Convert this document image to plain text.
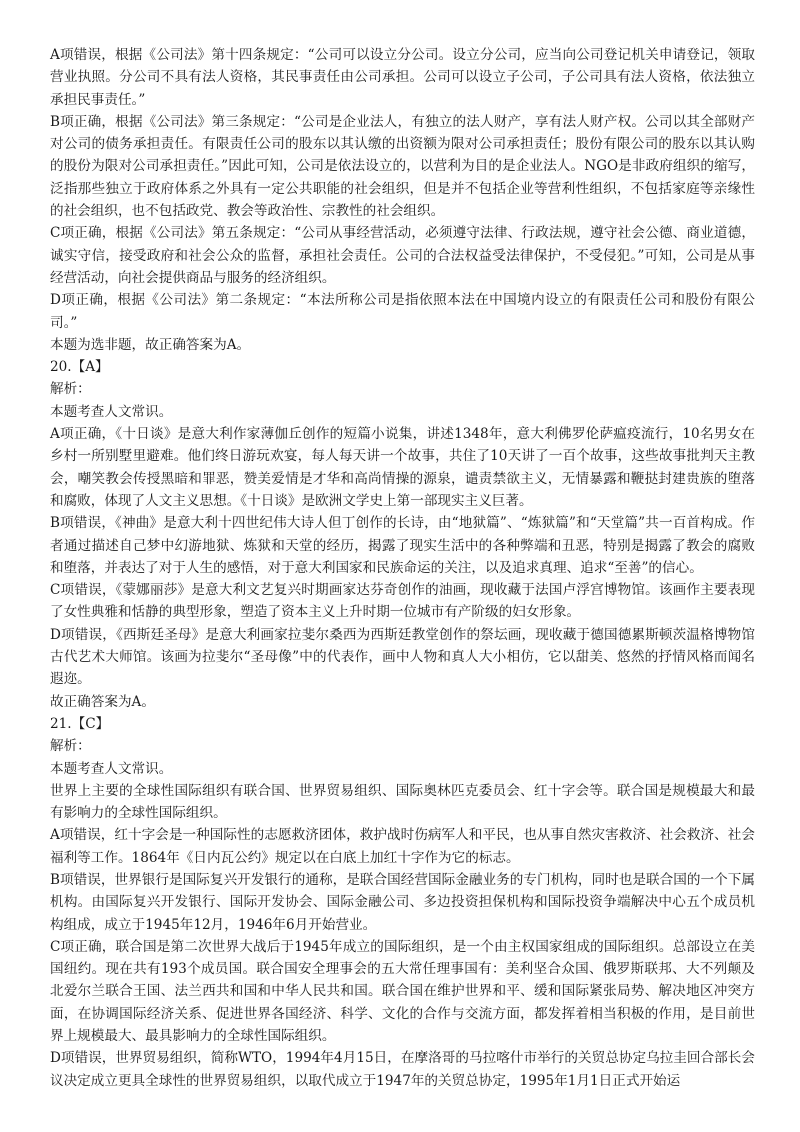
A项错误，根据《公司法》第十四条规定：“公司可以设立分公司。设立分公司，应当向公司登记机关申请登记，领取营业执照。分公司不具有法人资格，其民事责任由公司承担。公司可以设立子公司，子公司具有法人资格，依法独立承担民事责任。”

B项正确，根据《公司法》第三条规定：“公司是企业法人，有独立的法人财产，享有法人财产权。公司以其全部财产对公司的债务承担责任。有限责任公司的股东以其认缴的出资额为限对公司承担责任；股份有限公司的股东以其认购的股份为限对公司承担责任。”因此可知，公司是依法设立的，以营利为目的是企业法人。NGO是非政府组织的缩写，泛指那些独立于政府体系之外具有一定公共职能的社会组织，但是并不包括企业等营利性组织，不包括家庭等亲缘性的社会组织，也不包括政党、教会等政治性、宗教性的社会组织。

C项正确，根据《公司法》第五条规定：“公司从事经营活动，必须遵守法律、行政法规，遵守社会公德、商业道德，诚实守信，接受政府和社会公众的监督，承担社会责任。公司的合法权益受法律保护，不受侵犯。”可知，公司是从事经营活动，向社会提供商品与服务的经济组织。

D项正确，根据《公司法》第二条规定：“本法所称公司是指依照本法在中国境内设立的有限责任公司和股份有限公司。”

本题为选非题，故正确答案为A。

20.【A】

解析：

本题考查人文常识。

A项正确，《十日谈》是意大利作家薄伽丘创作的短篇小说集，讲述1348年，意大利佛罗伦萨瘟疫流行，10名男女在乡村一所别墅里避难。他们终日游玩欢宴，每人每天讲一个故事，共住了10天讲了一百个故事，这些故事批判天主教会，嘲笑教会传授黑暗和罪恶，赞美爱情是才华和高尚情操的源泉，谴责禁欲主义，无情暴露和鞭挞封建贵族的堕落和腐败，体现了人文主义思想。《十日谈》是欧洲文学史上第一部现实主义巨著。

B项错误，《神曲》是意大利十四世纪伟大诗人但丁创作的长诗，由“地狱篇”、“炼狱篇”和“天堂篇”共一百首构成。作者通过描述自己梦中幻游地狱、炼狱和天堂的经历，揭露了现实生活中的各种弊端和丑恶，特别是揭露了教会的腐败和堕落，并表达了对于人生的感悟，对于意大利国家和民族命运的关注，以及追求真理、追求“至善”的信心。

C项错误，《蒙娜丽莎》是意大利文艺复兴时期画家达芬奇创作的油画，现收藏于法国卢浮宫博物馆。该画作主要表现了女性典雅和恬静的典型形象，塑造了资本主义上升时期一位城市有产阶级的妇女形象。

D项错误，《西斯廷圣母》是意大利画家拉斐尔桑西为西斯廷教堂创作的祭坛画，现收藏于德国德累斯顿茨温格博物馆古代艺术大师馆。该画为拉斐尔“圣母像”中的代表作，画中人物和真人大小相仿，它以甜美、悠然的抒情风格而闻名遐迩。

故正确答案为A。

21.【C】

解析：

本题考查人文常识。

世界上主要的全球性国际组织有联合国、世界贸易组织、国际奥林匹克委员会、红十字会等。联合国是规模最大和最有影响力的全球性国际组织。

A项错误，红十字会是一种国际性的志愿救济团体，救护战时伤病军人和平民，也从事自然灾害救济、社会救济、社会福利等工作。1864年《日内瓦公约》规定以在白底上加红十字作为它的标志。

B项错误，世界银行是国际复兴开发银行的通称，是联合国经营国际金融业务的专门机构，同时也是联合国的一个下属机构。由国际复兴开发银行、国际开发协会、国际金融公司、多边投资担保机构和国际投资争端解决中心五个成员机构组成，成立于1945年12月，1946年6月开始营业。

C项正确，联合国是第二次世界大战后于1945年成立的国际组织，是一个由主权国家组成的国际组织。总部设立在美国纽约。现在共有193个成员国。联合国安全理事会的五大常任理事国有：美利坚合众国、俄罗斯联邦、大不列颠及北爱尔兰联合王国、法兰西共和国和中华人民共和国。联合国在维护世界和平、缓和国际紧张局势、解决地区冲突方面，在协调国际经济关系、促进世界各国经济、科学、文化的合作与交流方面，都发挥着相当积极的作用，是目前世界上规模最大、最具影响力的全球性国际组织。

D项错误，世界贸易组织，简称WTO，1994年4月15日，在摩洛哥的马拉喀什市举行的关贸总协定乌拉圭回合部长会议决定成立更具全球性的世界贸易组织，以取代成立于1947年的关贸总协定，1995年1月1日正式开始运
